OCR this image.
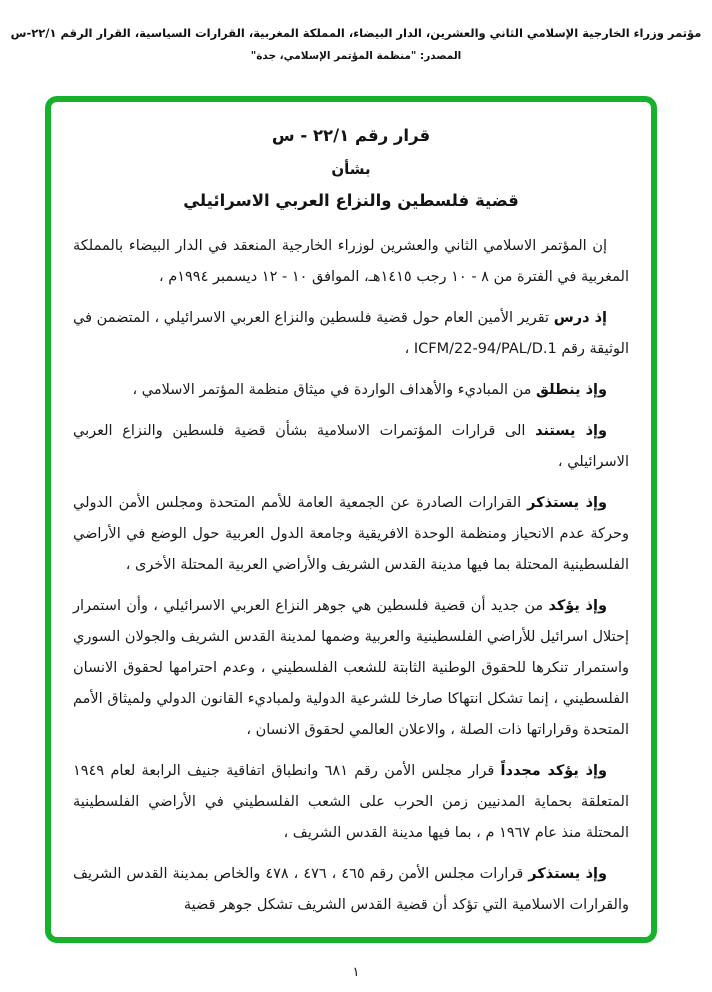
مؤتمر وزراء الخارجية الإسلامي الثاني والعشرين، الدار البيضاء، المملكة المغربية، القرارات السياسية، القرار الرقم ٢٢/١-س
المصدر: "منظمة المؤتمر الإسلامي، جدة"
قرار رقم ٢٢/١ - س
بشأن
قضية فلسطين والنزاع العربي الاسرائيلي

إن المؤتمر الاسلامي الثاني والعشرين لوزراء الخارجية المنعقد في الدار البيضاء بالمملكة المغربية في الفترة من ٨ - ١٠ رجب ١٤١٥هـ، الموافق ١٠ - ١٢ ديسمبر ١٩٩٤م ،

إذ درس تقرير الأمين العام حول قضية فلسطين والنزاع العربي الاسرائيلي ، المتضمن في الوثيقة رقم ICFM/22-94/PAL/D.1 ،

وإذ ينطلق من المباديء والأهداف الواردة في ميثاق منظمة المؤتمر الاسلامي ،

وإذ يستند الى قرارات المؤتمرات الاسلامية بشأن قضية فلسطين والنزاع العربي الاسرائيلي ،

وإذ يستذكر القرارات الصادرة عن الجمعية العامة للأمم المتحدة ومجلس الأمن الدولي وحركة عدم الانحياز ومنظمة الوحدة الافريقية وجامعة الدول العربية حول الوضع في الأراضي الفلسطينية المحتلة بما فيها مدينة القدس الشريف والأراضي العربية المحتلة الأخرى ،

وإذ يؤكد من جديد أن قضية فلسطين هي جوهر النزاع العربي الاسرائيلي ، وأن استمرار إحتلال اسرائيل للأراضي الفلسطينية والعربية وضمها لمدينة القدس الشريف والجولان السوري واستمرار تنكرها للحقوق الوطنية الثابتة للشعب الفلسطيني ، وعدم احترامها لحقوق الانسان الفلسطيني ، إنما تشكل انتهاكا صارخا للشرعية الدولية ولمباديء القانون الدولي ولميثاق الأمم المتحدة وقراراتها ذات الصلة ، والاعلان العالمي لحقوق الانسان ،

وإذ يؤكد مجدداً قرار مجلس الأمن رقم ٦٨١ وانطباق اتفاقية جنيف الرابعة لعام ١٩٤٩ المتعلقة بحماية المدنيين زمن الحرب على الشعب الفلسطيني في الأراضي الفلسطينية المحتلة منذ عام ١٩٦٧ م ، بما فيها مدينة القدس الشريف ،

وإذ يستذكر قرارات مجلس الأمن رقم ٤٦٥ ، ٤٧٦ ، ٤٧٨ والخاص بمدينة القدس الشريف والقرارات الاسلامية التي تؤكد أن قضية القدس الشريف تشكل جوهر قضية

١
